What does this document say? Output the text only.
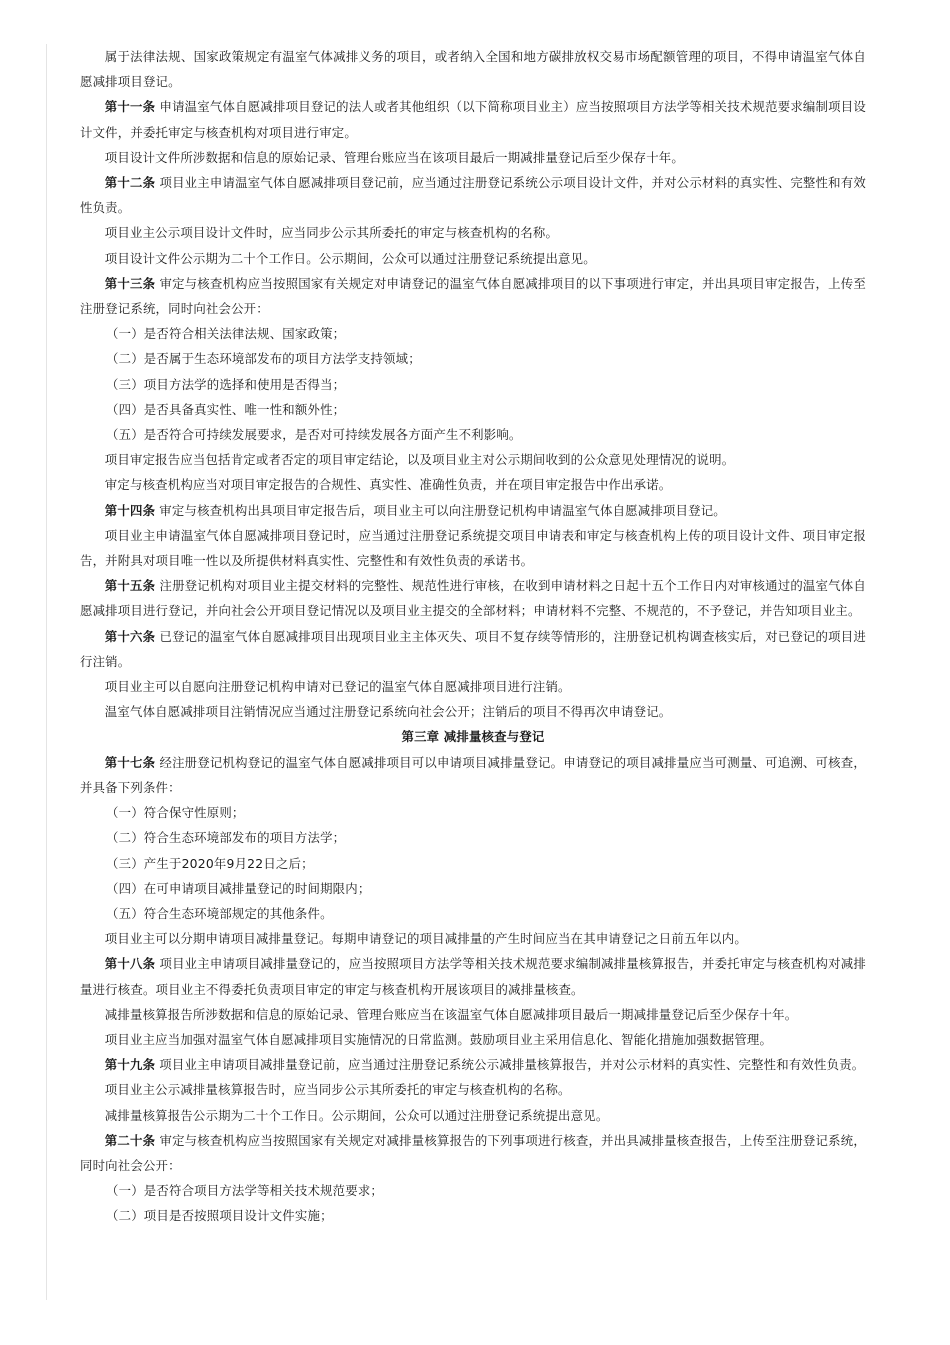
属于法律法规、国家政策规定有温室气体减排义务的项目，或者纳入全国和地方碳排放权交易市场配额管理的项目，不得申请温室气体自愿减排项目登记。

第十一条 申请温室气体自愿减排项目登记的法人或者其他组织（以下简称项目业主）应当按照项目方法学等相关技术规范要求编制项目设计文件，并委托审定与核查机构对项目进行审定。

项目设计文件所涉数据和信息的原始记录、管理台账应当在该项目最后一期减排量登记后至少保存十年。

第十二条 项目业主申请温室气体自愿减排项目登记前，应当通过注册登记系统公示项目设计文件，并对公示材料的真实性、完整性和有效性负责。

项目业主公示项目设计文件时，应当同步公示其所委托的审定与核查机构的名称。

项目设计文件公示期为二十个工作日。公示期间，公众可以通过注册登记系统提出意见。

第十三条 审定与核查机构应当按照国家有关规定对申请登记的温室气体自愿减排项目的以下事项进行审定，并出具项目审定报告，上传至注册登记系统，同时向社会公开：

（一）是否符合相关法律法规、国家政策；

（二）是否属于生态环境部发布的项目方法学支持领域；

（三）项目方法学的选择和使用是否得当；

（四）是否具备真实性、唯一性和额外性；

（五）是否符合可持续发展要求，是否对可持续发展各方面产生不利影响。

项目审定报告应当包括肯定或者否定的项目审定结论，以及项目业主对公示期间收到的公众意见处理情况的说明。

审定与核查机构应当对项目审定报告的合规性、真实性、准确性负责，并在项目审定报告中作出承诺。

第十四条 审定与核查机构出具项目审定报告后，项目业主可以向注册登记机构申请温室气体自愿减排项目登记。

项目业主申请温室气体自愿减排项目登记时，应当通过注册登记系统提交项目申请表和审定与核查机构上传的项目设计文件、项目审定报告，并附具对项目唯一性以及所提供材料真实性、完整性和有效性负责的承诺书。

第十五条 注册登记机构对项目业主提交材料的完整性、规范性进行审核，在收到申请材料之日起十五个工作日内对审核通过的温室气体自愿减排项目进行登记，并向社会公开项目登记情况以及项目业主提交的全部材料；申请材料不完整、不规范的，不予登记，并告知项目业主。

第十六条 已登记的温室气体自愿减排项目出现项目业主主体灭失、项目不复存续等情形的，注册登记机构调查核实后，对已登记的项目进行注销。

项目业主可以自愿向注册登记机构申请对已登记的温室气体自愿减排项目进行注销。

温室气体自愿减排项目注销情况应当通过注册登记系统向社会公开；注销后的项目不得再次申请登记。

第三章 减排量核查与登记

第十七条 经注册登记机构登记的温室气体自愿减排项目可以申请项目减排量登记。申请登记的项目减排量应当可测量、可追溯、可核查，并具备下列条件：

（一）符合保守性原则；

（二）符合生态环境部发布的项目方法学；

（三）产生于2020年9月22日之后；

（四）在可申请项目减排量登记的时间期限内；

（五）符合生态环境部规定的其他条件。

项目业主可以分期申请项目减排量登记。每期申请登记的项目减排量的产生时间应当在其申请登记之日前五年以内。

第十八条 项目业主申请项目减排量登记的，应当按照项目方法学等相关技术规范要求编制减排量核算报告，并委托审定与核查机构对减排量进行核查。项目业主不得委托负责项目审定的审定与核查机构开展该项目的减排量核查。

减排量核算报告所涉数据和信息的原始记录、管理台账应当在该温室气体自愿减排项目最后一期减排量登记后至少保存十年。

项目业主应当加强对温室气体自愿减排项目实施情况的日常监测。鼓励项目业主采用信息化、智能化措施加强数据管理。

第十九条 项目业主申请项目减排量登记前，应当通过注册登记系统公示减排量核算报告，并对公示材料的真实性、完整性和有效性负责。

项目业主公示减排量核算报告时，应当同步公示其所委托的审定与核查机构的名称。

减排量核算报告公示期为二十个工作日。公示期间，公众可以通过注册登记系统提出意见。

第二十条 审定与核查机构应当按照国家有关规定对减排量核算报告的下列事项进行核查，并出具减排量核查报告，上传至注册登记系统，同时向社会公开：

（一）是否符合项目方法学等相关技术规范要求；

（二）项目是否按照项目设计文件实施；
